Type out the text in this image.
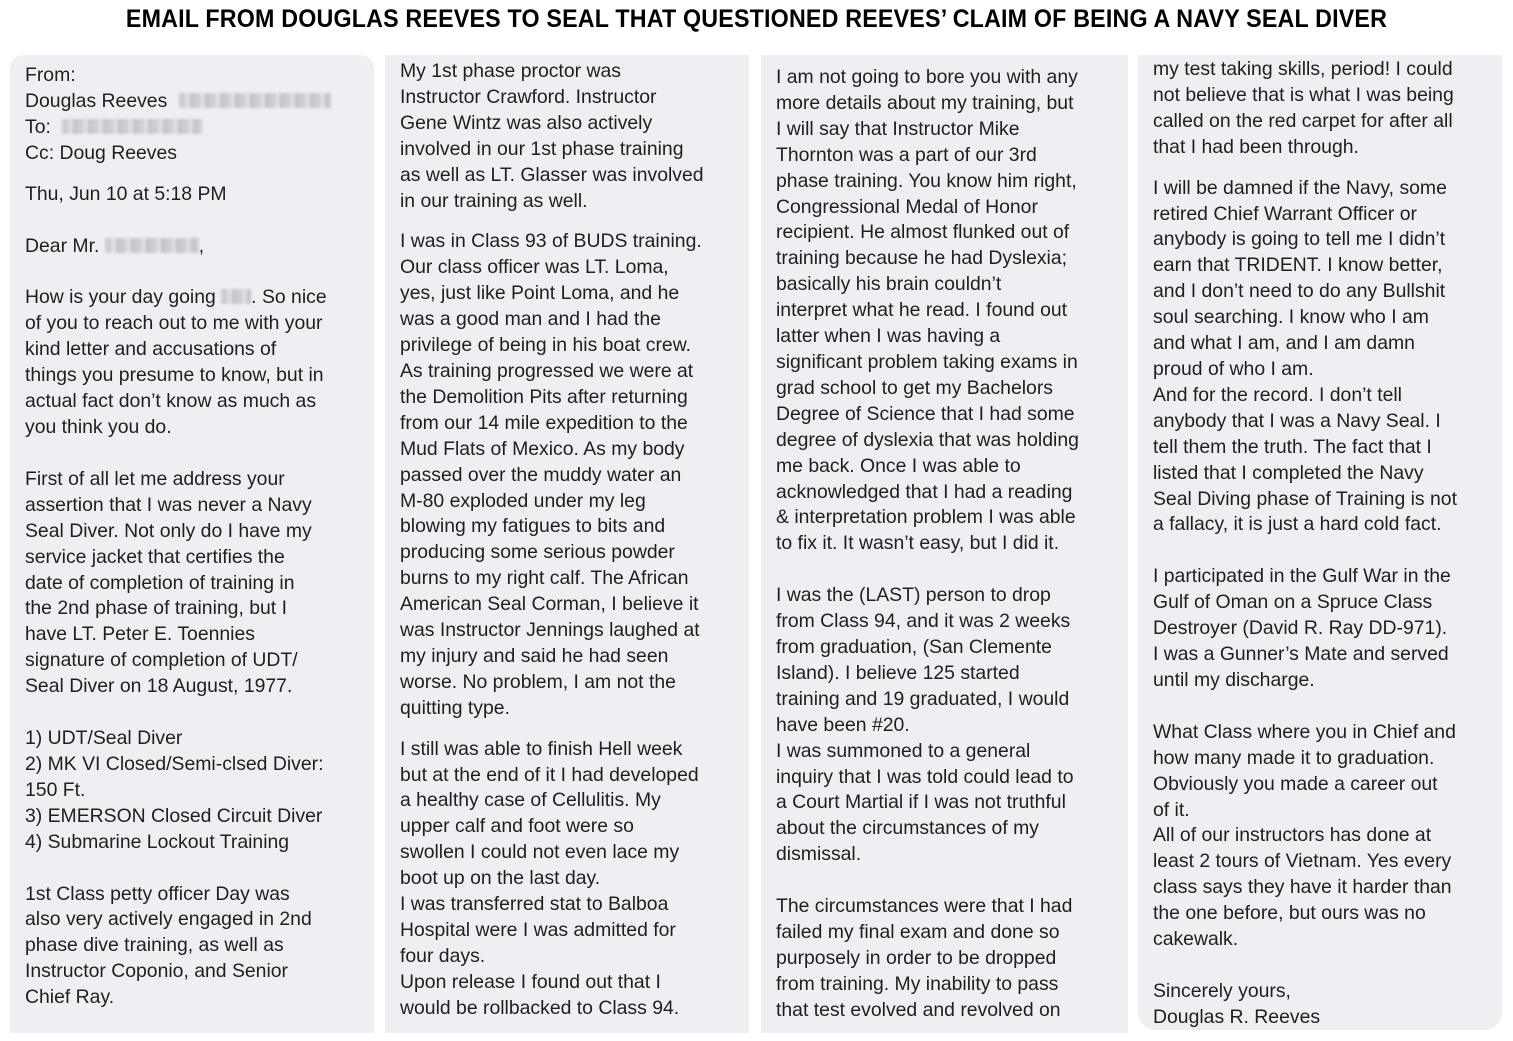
EMAIL FROM DOUGLAS REEVES TO SEAL THAT QUESTIONED REEVES’ CLAIM OF BEING A NAVY SEAL DIVER

From:

Douglas Reeves

To:

Cc: Doug Reeves

Thu, Jun 10 at 5:18 PM

Dear Mr.	,

How is your day going . So nice
of you to reach out to me with your
kind letter and accusations of
things you presume to know, but in
actual fact don’t know as much as
you think you do.

First of all let me address your
assertion that I was never a Navy
Seal Diver. Not only do I have my
service jacket that certifies the
date of completion of training in
the 2nd phase of training, but I
have LT. Peter E. Toennies
signature of completion of UDT/
Seal Diver on 18 August, 1977.

1) UDT/Seal Diver
2) MK VI Closed/Semi-clsed Diver:
150 Ft.
3) EMERSON Closed Circuit Diver
4) Submarine Lockout Training

1st Class petty officer Day was
also very actively engaged in 2nd
phase dive training, as well as
Instructor Coponio, and Senior
Chief Ray.

My 1st phase proctor was
Instructor Crawford. Instructor
Gene Wintz was also actively
involved in our 1st phase training
as well as LT. Glasser was involved
in our training as well.

I was in Class 93 of BUDS training.
Our class officer was LT. Loma,
yes, just like Point Loma, and he
was a good man and I had the
privilege of being in his boat crew.
As training progressed we were at
the Demolition Pits after returning
from our 14 mile expedition to the
Mud Flats of Mexico. As my body
passed over the muddy water an
M-80 exploded under my leg
blowing my fatigues to bits and
producing some serious powder
burns to my right calf. The African
American Seal Corman, I believe it
was Instructor Jennings laughed at
my injury and said he had seen
worse. No problem, I am not the
quitting type.

I still was able to finish Hell week
but at the end of it I had developed
a healthy case of Cellulitis. My
upper calf and foot were so
swollen I could not even lace my
boot up on the last day.
I was transferred stat to Balboa
Hospital were I was admitted for
four days.
Upon release I found out that I
would be rollbacked to Class 94.

I am not going to bore you with any
more details about my training, but
I will say that Instructor Mike
Thornton was a part of our 3rd
phase training. You know him right,
Congressional Medal of Honor
recipient. He almost flunked out of
training because he had Dyslexia;
basically his brain couldn’t
interpret what he read. I found out
latter when I was having a
significant problem taking exams in
grad school to get my Bachelors
Degree of Science that I had some
degree of dyslexia that was holding
me back. Once I was able to
acknowledged that I had a reading
& interpretation problem I was able
to fix it. It wasn’t easy, but I did it.

I was the (LAST) person to drop
from Class 94, and it was 2 weeks
from graduation, (San Clemente
Island). I believe 125 started
training and 19 graduated, I would
have been #20.
I was summoned to a general
inquiry that I was told could lead to
a Court Martial if I was not truthful
about the circumstances of my
dismissal.

The circumstances were that I had
failed my final exam and done so
purposely in order to be dropped
from training. My inability to pass
that test evolved and revolved on

my test taking skills, period! I could
not believe that is what I was being
called on the red carpet for after all
that I had been through.

I will be damned if the Navy, some
retired Chief Warrant Officer or
anybody is going to tell me I didn’t
earn that TRIDENT. I know better,
and I don’t need to do any Bullshit
soul searching. I know who I am
and what I am, and I am damn
proud of who I am.
And for the record. I don’t tell
anybody that I was a Navy Seal. I
tell them the truth. The fact that I
listed that I completed the Navy
Seal Diving phase of Training is not
a fallacy, it is just a hard cold fact.

I participated in the Gulf War in the
Gulf of Oman on a Spruce Class
Destroyer (David R. Ray DD-971).
I was a Gunner’s Mate and served
until my discharge.

What Class where you in Chief and
how many made it to graduation.
Obviously you made a career out
of it.
All of our instructors has done at
least 2 tours of Vietnam. Yes every
class says they have it harder than
the one before, but ours was no
cakewalk.

Sincerely yours,
Douglas R. Reeves
